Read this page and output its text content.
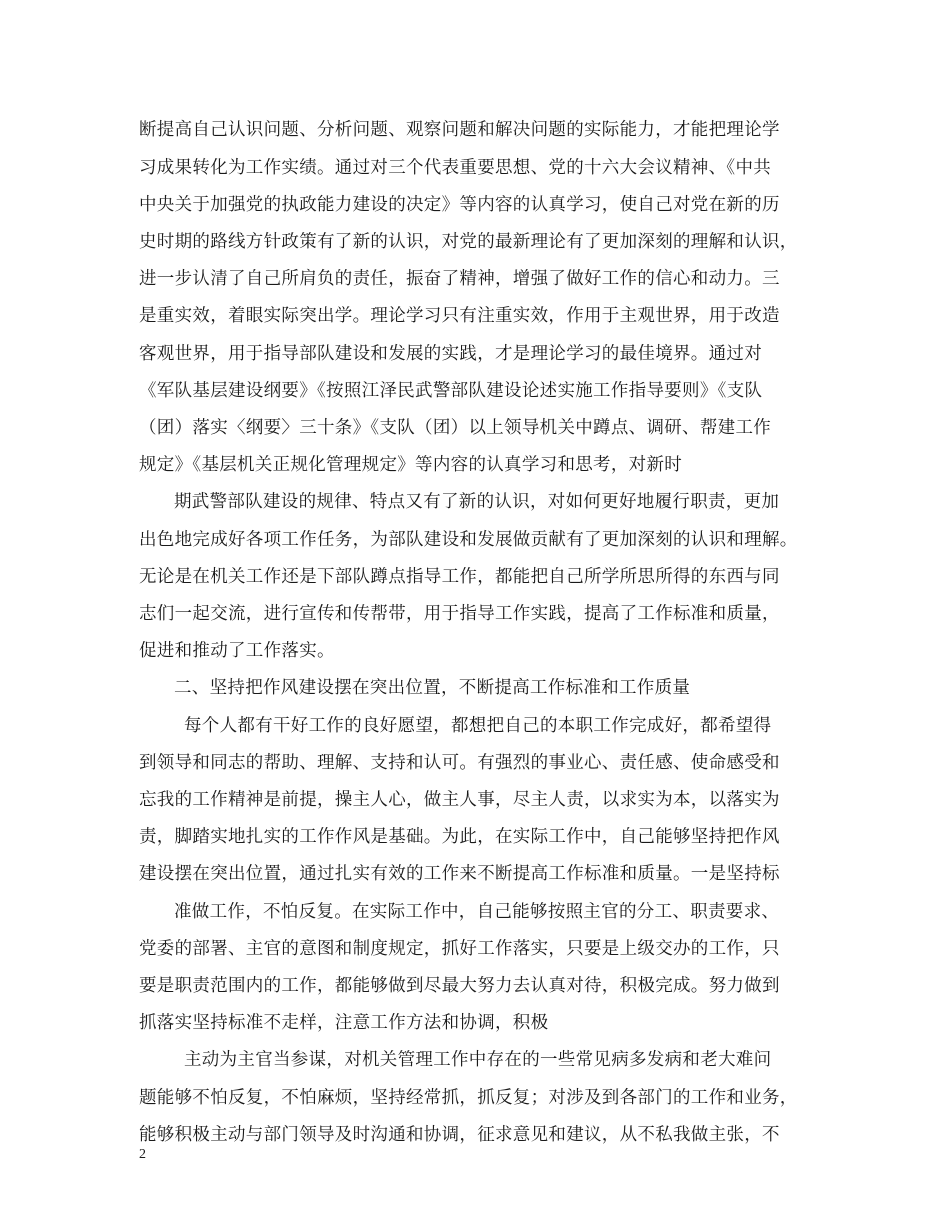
断提高自己认识问题、分析问题、观察问题和解决问题的实际能力，才能把理论学
习成果转化为工作实绩。通过对三个代表重要思想、党的十六大会议精神、《中共
中央关于加强党的执政能力建设的决定》等内容的认真学习，使自己对党在新的历
史时期的路线方针政策有了新的认识，对党的最新理论有了更加深刻的理解和认识，
进一步认清了自己所肩负的责任，振奋了精神，增强了做好工作的信心和动力。三
是重实效，着眼实际突出学。理论学习只有注重实效，作用于主观世界，用于改造
客观世界，用于指导部队建设和发展的实践，才是理论学习的最佳境界。通过对
《军队基层建设纲要》《按照江泽民武警部队建设论述实施工作指导要则》《支队
（团）落实〈纲要〉三十条》《支队（团）以上领导机关中蹲点、调研、帮建工作
规定》《基层机关正规化管理规定》等内容的认真学习和思考，对新时
期武警部队建设的规律、特点又有了新的认识，对如何更好地履行职责，更加
出色地完成好各项工作任务，为部队建设和发展做贡献有了更加深刻的认识和理解。
无论是在机关工作还是下部队蹲点指导工作，都能把自己所学所思所得的东西与同
志们一起交流，进行宣传和传帮带，用于指导工作实践，提高了工作标准和质量，
促进和推动了工作落实。
二、坚持把作风建设摆在突出位置，不断提高工作标准和工作质量
每个人都有干好工作的良好愿望，都想把自己的本职工作完成好，都希望得
到领导和同志的帮助、理解、支持和认可。有强烈的事业心、责任感、使命感受和
忘我的工作精神是前提，操主人心，做主人事，尽主人责，以求实为本，以落实为
责，脚踏实地扎实的工作作风是基础。为此，在实际工作中，自己能够坚持把作风
建设摆在突出位置，通过扎实有效的工作来不断提高工作标准和质量。一是坚持标
准做工作，不怕反复。在实际工作中，自己能够按照主官的分工、职责要求、
党委的部署、主官的意图和制度规定，抓好工作落实，只要是上级交办的工作，只
要是职责范围内的工作，都能够做到尽最大努力去认真对待，积极完成。努力做到
抓落实坚持标准不走样，注意工作方法和协调，积极
主动为主官当参谋，对机关管理工作中存在的一些常见病多发病和老大难问
题能够不怕反复，不怕麻烦，坚持经常抓，抓反复；对涉及到各部门的工作和业务，
能够积极主动与部门领导及时沟通和协调，征求意见和建议，从不私我做主张，不
2
